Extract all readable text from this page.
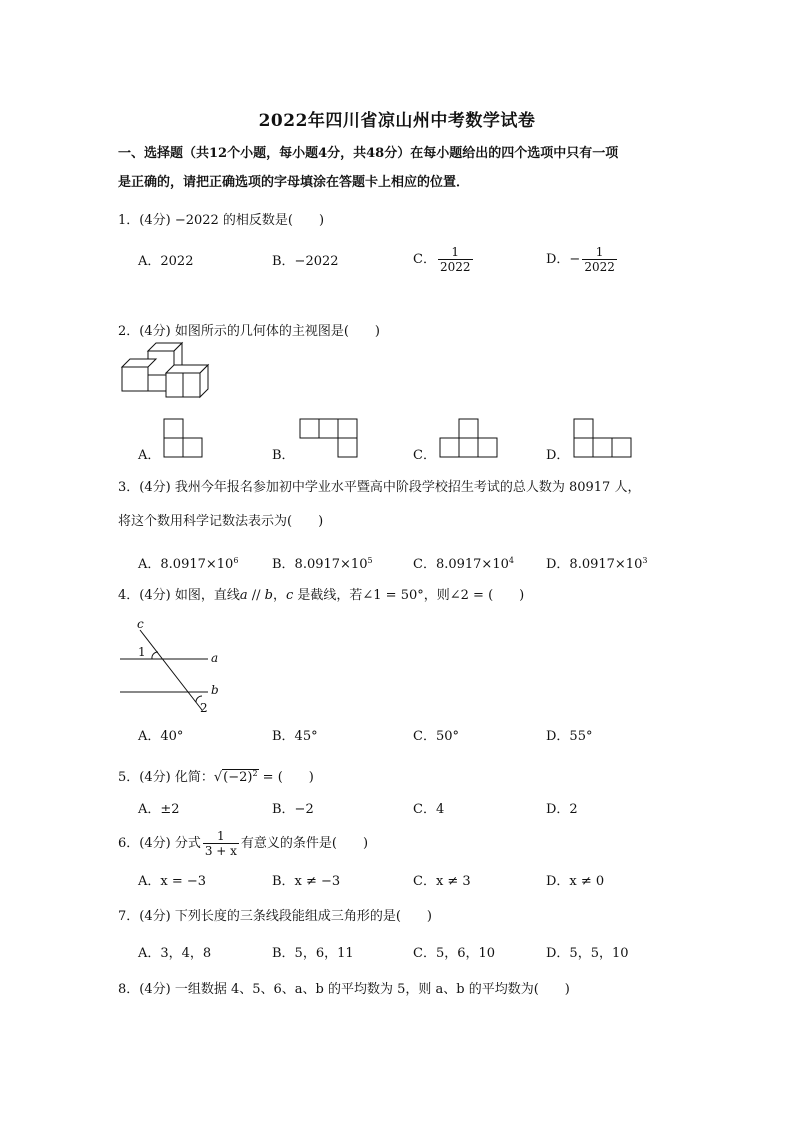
2022年四川省凉山州中考数学试卷
一、选择题（共12个小题，每小题4分，共48分）在每小题给出的四个选项中只有一项
是正确的，请把正确选项的字母填涂在答题卡上相应的位置．
1．(4分) −2022 的相反数是(　　)
A．2022	B．−2022	C． $\frac{1}{2022}$	D．− $\frac{1}{2022}$
2．(4分) 如图所示的几何体的主视图是(　　)
A．	B．	C．	D．
3．(4分) 我州今年报名参加初中学业水平暨高中阶段学校招生考试的总人数为 80917 人，
将这个数用科学记数法表示为(　　)
A．$8.0917\times 10^6$	B．$8.0917\times 10^5$	C．$8.0917\times 10^4$ D．$8.0917\times 10^3$
4．(4分) 如图，直线a // b，c 是截线，若∠1 = 50°，则∠2 = (　　)
c
1	a
b
2
A．40°	B．45°	C．50°	D．55°
5．(4分) 化简：$√(-2)^2$ = (　　)
A．±2	B．−2	C．4	D．2
6．(4分) 分式 $\frac{1}{3 + x}$ 有意义的条件是(　　)
A．x = −3	B．x ≠ −3	C．x ≠ 3	D．x ≠ 0
7．(4分) 下列长度的三条线段能组成三角形的是(　　)
A．3，4，8	B．5，6，11	C．5，6，10	D．5，5，10
8．(4分) 一组数据 4、5、6、a、b 的平均数为 5，则 a、b 的平均数为(　　)
